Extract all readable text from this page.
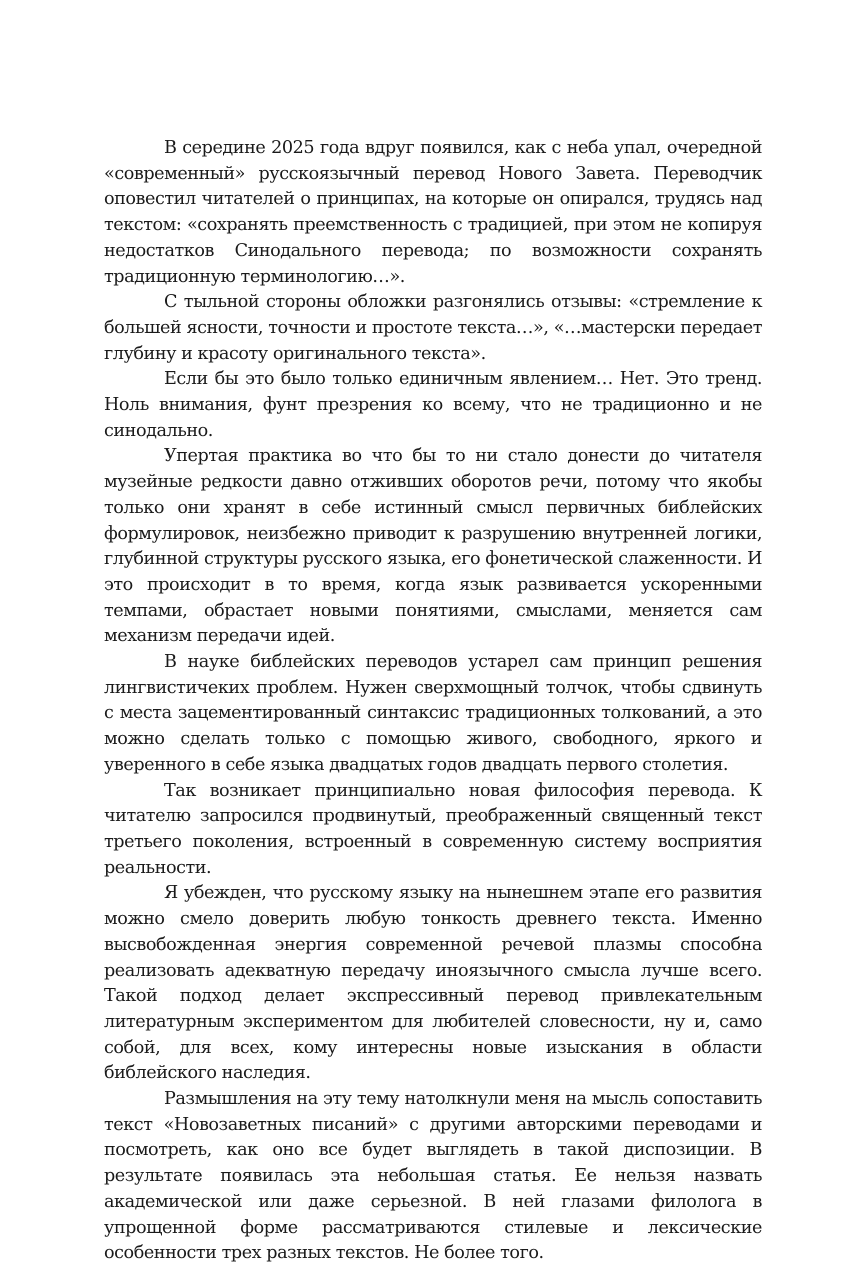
В середине 2025 года вдруг появился, как с неба упал, очередной «современный» русскоязычный перевод Нового Завета. Переводчик оповестил читателей о принципах, на которые он опирался, трудясь над текстом: «сохранять преемственность с традицией, при этом не копируя недостатков Синодального перевода; по возможности сохранять традиционную терминологию…».

С тыльной стороны обложки разгонялись отзывы: «стремление к большей ясности, точности и простоте текста…», «…мастерски передает глубину и красоту оригинального текста».

Если бы это было только единичным явлением… Нет. Это тренд. Ноль внимания, фунт презрения ко всему, что не традиционно и не синодально.

Упертая практика во что бы то ни стало донести до читателя музейные редкости давно отживших оборотов речи, потому что якобы только они хранят в себе истинный смысл первичных библейских формулировок, неизбежно приводит к разрушению внутренней логики, глубинной структуры русского языка, его фонетической слаженности. И это происходит в то время, когда язык развивается ускоренными темпами, обрастает новыми понятиями, смыслами, меняется сам механизм передачи идей.

В науке библейских переводов устарел сам принцип решения лингвистичеких проблем. Нужен сверхмощный толчок, чтобы сдвинуть с места зацементированный синтаксис традиционных толкований, а это можно сделать только с помощью живого, свободного, яркого и уверенного в себе языка двадцатых годов двадцать первого столетия.

Так возникает принципиально новая философия перевода. К читателю запросился продвинутый, преображенный священный текст третьего поколения, встроенный в современную систему восприятия реальности.

Я убежден, что русскому языку на нынешнем этапе его развития можно смело доверить любую тонкость древнего текста. Именно высвобожденная энергия современной речевой плазмы способна реализовать адекватную передачу иноязычного смысла лучше всего. Такой подход делает экспрессивный перевод привлекательным литературным экспериментом для любителей словесности, ну и, само собой, для всех, кому интересны новые изыскания в области библейского наследия.

Размышления на эту тему натолкнули меня на мысль сопоставить текст «Новозаветных писаний» с другими авторскими переводами и посмотреть, как оно все будет выглядеть в такой диспозиции. В результате появилась эта небольшая статья. Ее нельзя назвать академической или даже серьезной. В ней глазами филолога в упрощенной форме рассматриваются стилевые и лексические особенности трех разных текстов. Не более того.
